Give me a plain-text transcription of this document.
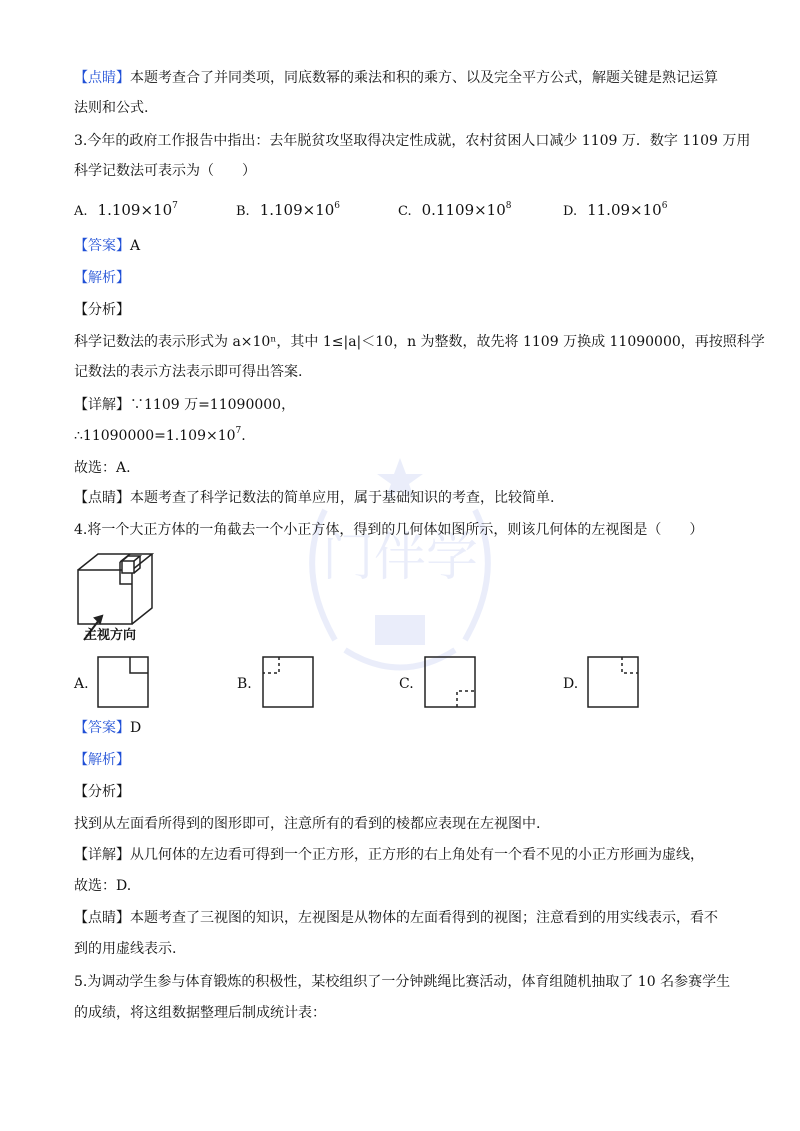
门伴学
【点睛】本题考查合了并同类项，同底数幂的乘法和积的乘方、以及完全平方公式，解题关键是熟记运算
法则和公式.
3.今年的政府工作报告中指出：去年脱贫攻坚取得决定性成就，农村贫困人口减少 1109 万．数字 1109 万用
科学记数法可表示为（　　）
A. $1.109\times 10^7$	B. $1.109\times 10^6$	C. $0.1109\times 10^8$	D. $11.09\times 10^6$
【答案】A
【解析】
【分析】
科学记数法的表示形式为 a×10ⁿ，其中 1≤|a|＜10，n 为整数，故先将 1109 万换成 11090000，再按照科学
记数法的表示方法表示即可得出答案.
【详解】∵1109 万=11090000，
$\therefore 11090000=1.109\times 10^7$.
故选：A.
【点睛】本题考查了科学记数法的简单应用，属于基础知识的考查，比较简单.
4.将一个大正方体的一角截去一个小正方体，得到的几何体如图所示，则该几何体的左视图是（　　）
主视方向
A.	B.	C.	D.
【答案】D
【解析】
【分析】
找到从左面看所得到的图形即可，注意所有的看到的棱都应表现在左视图中.
【详解】从几何体的左边看可得到一个正方形，正方形的右上角处有一个看不见的小正方形画为虚线，
故选：D.
【点睛】本题考查了三视图的知识，左视图是从物体的左面看得到的视图；注意看到的用实线表示，看不
到的用虚线表示.
5.为调动学生参与体育锻炼的积极性，某校组织了一分钟跳绳比赛活动，体育组随机抽取了 10 名参赛学生
的成绩，将这组数据整理后制成统计表：
